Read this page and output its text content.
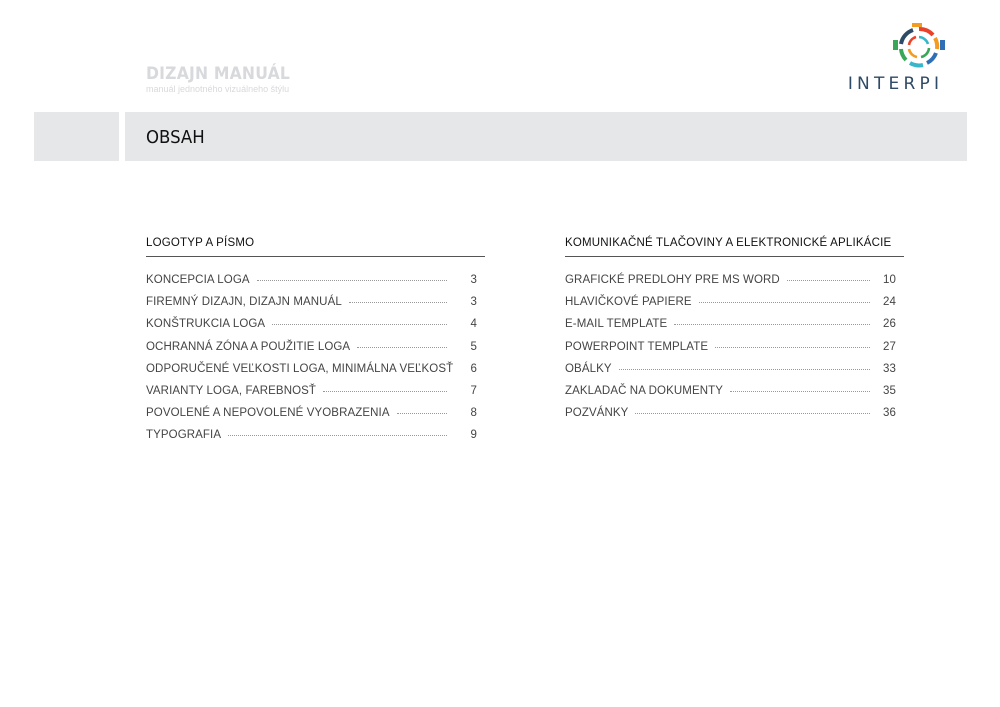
DIZAJN MANUÁL
manuál jednotného vizuálneho štýlu	INTERPI
OBSAH
LOGOTYP A PÍSMO
KONCEPCIA LOGA	3
FIREMNÝ DIZAJN, DIZAJN MANUÁL	3
KONŠTRUKCIA LOGA	4
OCHRANNÁ ZÓNA A POUŽITIE LOGA	5
ODPORUČENÉ VEĽKOSTI LOGA, MINIMÁLNA VEĽKOSŤ	6
VARIANTY LOGA, FAREBNOSŤ	7
POVOLENÉ A NEPOVOLENÉ VYOBRAZENIA	8
TYPOGRAFIA	9
KOMUNIKAČNÉ TLAČOVINY A ELEKTRONICKÉ APLIKÁCIE
GRAFICKÉ PREDLOHY PRE MS WORD	10
HLAVIČKOVÉ PAPIERE	24
E-MAIL TEMPLATE	26
POWERPOINT TEMPLATE	27
OBÁLKY	33
ZAKLADAČ NA DOKUMENTY	35
POZVÁNKY	36
